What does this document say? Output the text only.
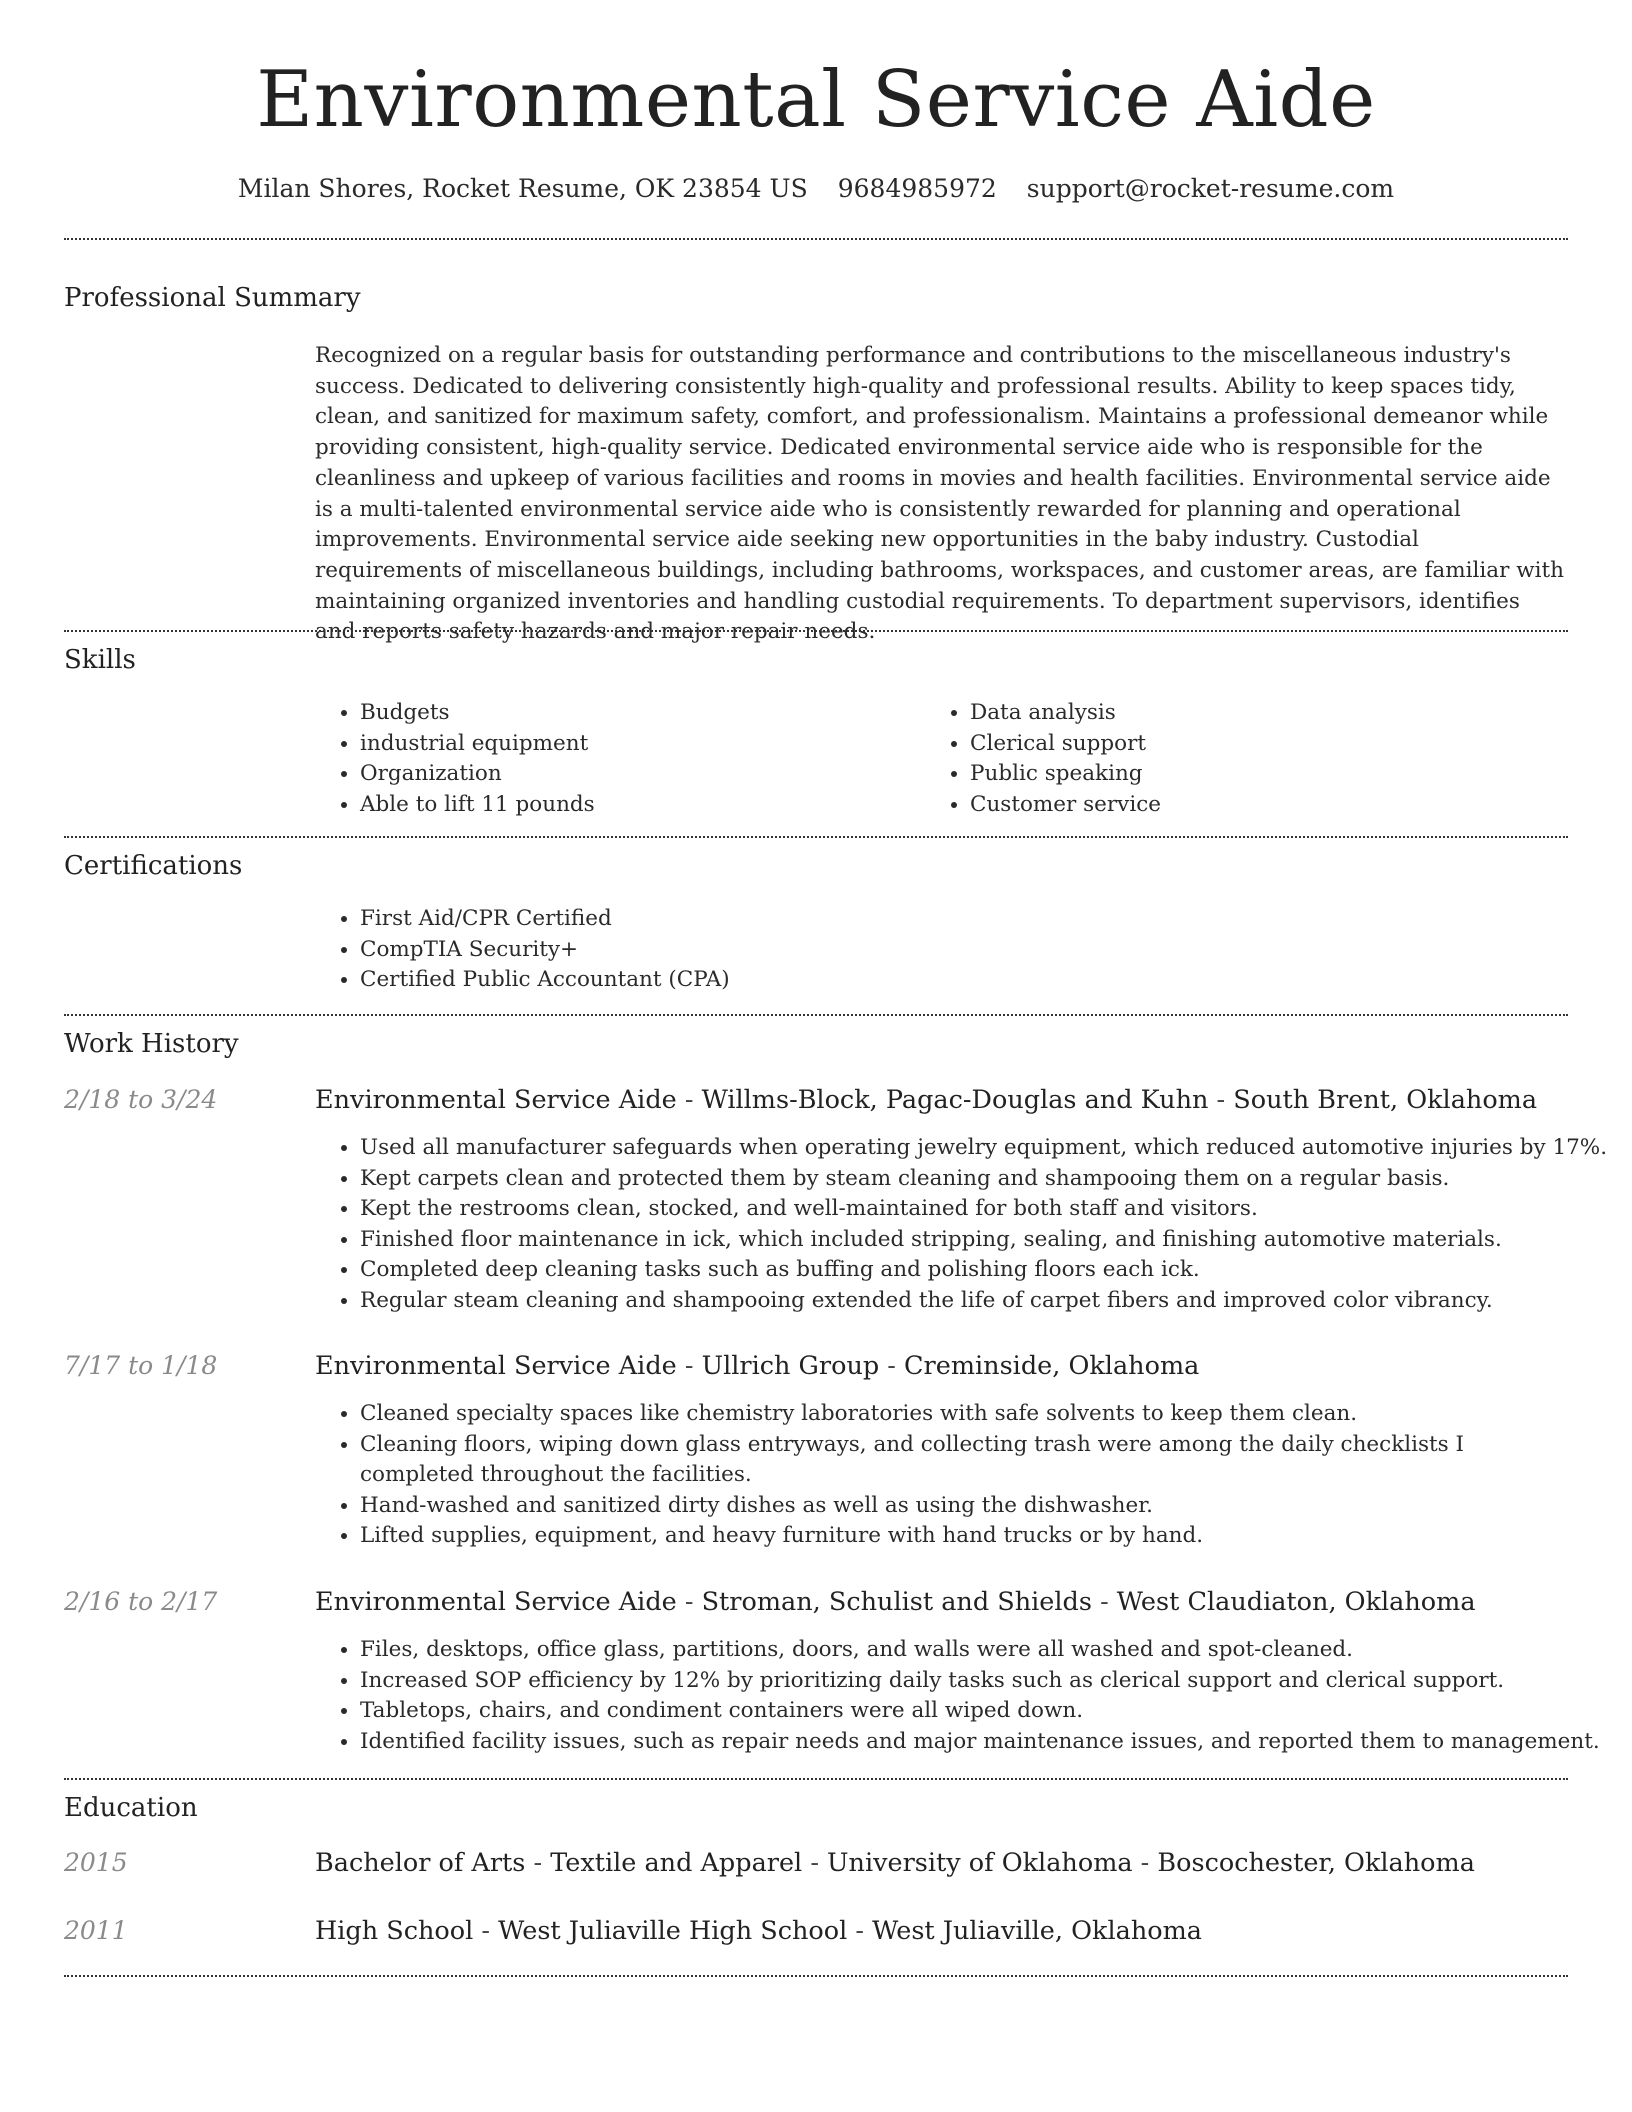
Environmental Service Aide
Milan Shores, Rocket Resume, OK 23854 US 9684985972 support@rocket-resume.com
Professional Summary

Recognized on a regular basis for outstanding performance and contributions to the miscellaneous industry's success. Dedicated to delivering consistently high-quality and professional results. Ability to keep spaces tidy, clean, and sanitized for maximum safety, comfort, and professionalism. Maintains a professional demeanor while providing consistent, high-quality service. Dedicated environmental service aide who is responsible for the cleanliness and upkeep of various facilities and rooms in movies and health facilities. Environmental service aide is a multi-talented environmental service aide who is consistently rewarded for planning and operational improvements. Environmental service aide seeking new opportunities in the baby industry. Custodial requirements of miscellaneous buildings, including bathrooms, workspaces, and customer areas, are familiar with maintaining organized inventories and handling custodial requirements. To department supervisors, identifies and reports safety hazards and major repair needs.

Skills
• Budgets
• industrial equipment
• Organization
• Able to lift 11 pounds
• Data analysis
• Clerical support
• Public speaking
• Customer service
Certifications
• First Aid/CPR Certified
• CompTIA Security+
• Certified Public Accountant (CPA)
Work History
2/18 to 3/24	Environmental Service Aide - Willms-Block, Pagac-Douglas and Kuhn - South Brent, Oklahoma
• Used all manufacturer safeguards when operating jewelry equipment, which reduced automotive injuries by 17%.
• Kept carpets clean and protected them by steam cleaning and shampooing them on a regular basis.
• Kept the restrooms clean, stocked, and well-maintained for both staff and visitors.
• Finished floor maintenance in ick, which included stripping, sealing, and finishing automotive materials.
• Completed deep cleaning tasks such as buffing and polishing floors each ick.
• Regular steam cleaning and shampooing extended the life of carpet fibers and improved color vibrancy.
7/17 to 1/18	Environmental Service Aide - Ullrich Group - Creminside, Oklahoma
• Cleaned specialty spaces like chemistry laboratories with safe solvents to keep them clean.
• Cleaning floors, wiping down glass entryways, and collecting trash were among the daily checklists I completed throughout the facilities.
• Hand-washed and sanitized dirty dishes as well as using the dishwasher.
• Lifted supplies, equipment, and heavy furniture with hand trucks or by hand.
2/16 to 2/17	Environmental Service Aide - Stroman, Schulist and Shields - West Claudiaton, Oklahoma
• Files, desktops, office glass, partitions, doors, and walls were all washed and spot-cleaned.
• Increased SOP efficiency by 12% by prioritizing daily tasks such as clerical support and clerical support.
• Tabletops, chairs, and condiment containers were all wiped down.
• Identified facility issues, such as repair needs and major maintenance issues, and reported them to management.
Education
2015	Bachelor of Arts - Textile and Apparel - University of Oklahoma - Boscochester, Oklahoma
2011	High School - West Juliaville High School - West Juliaville, Oklahoma
